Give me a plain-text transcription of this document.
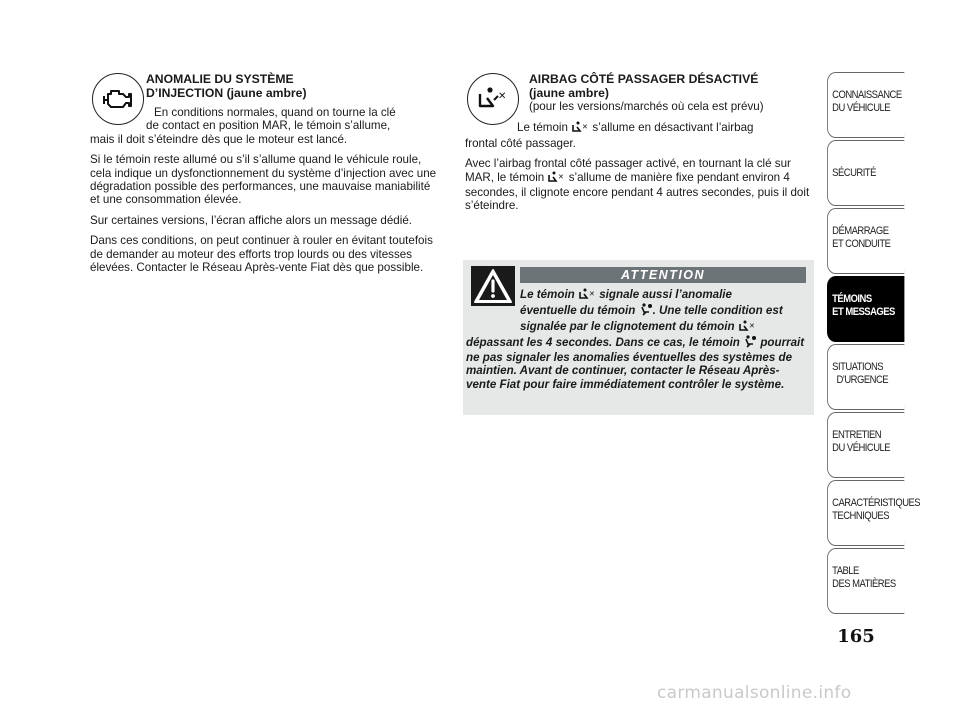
ANOMALIE DU SYSTÈME
D’INJECTION (jaune ambre)

En conditions normales, quand on tourne la clé
de contact en position MAR, le témoin s’allume,
mais il doit s’éteindre dès que le moteur est lancé.

Si le témoin reste allumé ou s’il s’allume quand le véhicule roule, cela indique un dysfonctionnement du système d’injection avec une dégradation possible des performances, une mauvaise maniabilité et une consommation élevée.

Sur certaines versions, l’écran affiche alors un message dédié.

Dans ces conditions, on peut continuer à rouler en évitant toutefois de demander au moteur des efforts trop lourds ou des vitesses élevées. Contacter le Réseau Après-vente Fiat dès que possible.

✕
AIRBAG CÔTÉ PASSAGER DÉSACTIVÉ
(jaune ambre)
(pour les versions/marchés où cela est prévu)

Le témoin ✕ s’allume en désactivant l’airbag
frontal côté passager.

Avec l’airbag frontal côté passager activé, en tournant la clé sur MAR, le témoin ✕ s’allume de manière fixe pendant environ 4 secondes, il clignote encore pendant 4 autres secondes, puis il doit s’éteindre.

ATTENTION
Le témoin ✕ signale aussi l’anomalie
éventuelle du témoin . Une telle condition est signalée par le clignotement du témoin ✕
dépassant les 4 secondes. Dans ce cas, le témoin pourrait ne pas signaler les anomalies éventuelles des systèmes de maintien. Avant de continuer, contacter le Réseau Après-vente Fiat pour faire immédiatement contrôler le système.
CONNAISSANCE
DU VÉHICULE
SÉCURITÉ
DÉMARRAGE
ET CONDUITE
TÉMOINS
ET MESSAGES
SITUATIONS
D’URGENCE
ENTRETIEN
DU VÉHICULE
CARACTÉRISTIQUES
TECHNIQUES
TABLE
DES MATIÈRES
165
carmanualsonline.info
